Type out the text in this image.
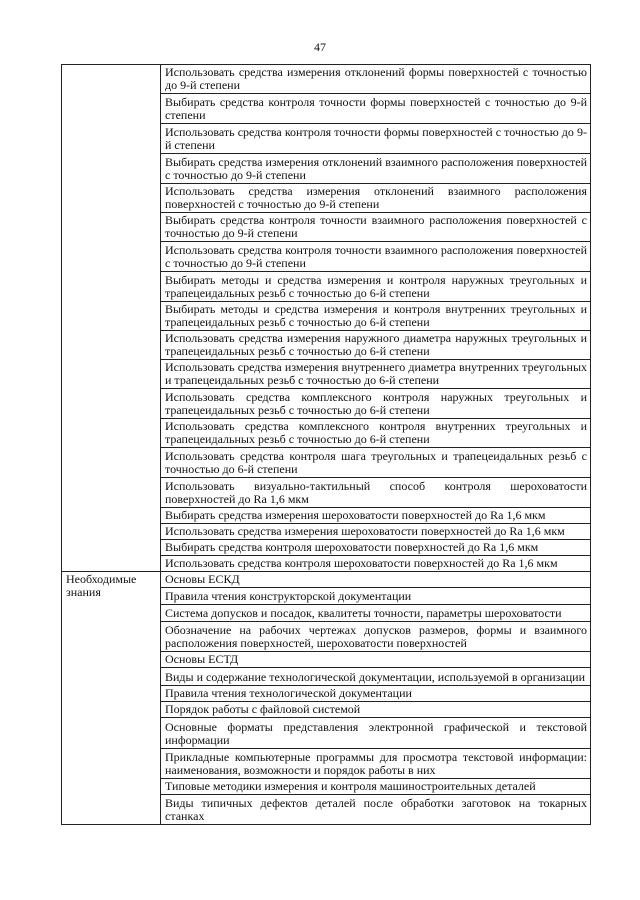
47
	Использовать средства измерения отклонений формы поверхностей с точностью до 9-й степени
	Выбирать средства контроля точности формы поверхностей с точностью до 9-й степени
	Использовать средства контроля точности формы поверхностей с точностью до 9-й степени
	Выбирать средства измерения отклонений взаимного расположения поверхностей с точностью до 9-й степени
	Использовать средства измерения отклонений взаимного расположения поверхностей с точностью до 9-й степени
	Выбирать средства контроля точности взаимного расположения поверхностей с точностью до 9-й степени
	Использовать средства контроля точности взаимного расположения поверхностей с точностью до 9-й степени
	Выбирать методы и средства измерения и контроля наружных треугольных и трапецеидальных резьб с точностью до 6-й степени
	Выбирать методы и средства измерения и контроля внутренних треугольных и трапецеидальных резьб с точностью до 6-й степени
	Использовать средства измерения наружного диаметра наружных треугольных и трапецеидальных резьб с точностью до 6-й степени
	Использовать средства измерения внутреннего диаметра внутренних треугольных и трапецеидальных резьб с точностью до 6-й степени
	Использовать средства комплексного контроля наружных треугольных и трапецеидальных резьб с точностью до 6-й степени
	Использовать средства комплексного контроля внутренних треугольных и трапецеидальных резьб с точностью до 6-й степени
	Использовать средства контроля шага треугольных и трапецеидальных резьб с точностью до 6-й степени
	Использовать визуально-тактильный способ контроля шероховатости поверхностей до Ra 1,6 мкм
	Выбирать средства измерения шероховатости поверхностей до Ra 1,6 мкм
	Использовать средства измерения шероховатости поверхностей до Ra 1,6 мкм
	Выбирать средства контроля шероховатости поверхностей до Ra 1,6 мкм
	Использовать средства контроля шероховатости поверхностей до Ra 1,6 мкм
Необходимые знания	Основы ЕСКД
	Правила чтения конструкторской документации
	Система допусков и посадок, квалитеты точности, параметры шероховатости
	Обозначение на рабочих чертежах допусков размеров, формы и взаимного расположения поверхностей, шероховатости поверхностей
	Основы ЕСТД
	Виды и содержание технологической документации, используемой в организации
	Правила чтения технологической документации
	Порядок работы с файловой системой
	Основные форматы представления электронной графической и текстовой информации
	Прикладные компьютерные программы для просмотра текстовой информации: наименования, возможности и порядок работы в них
	Типовые методики измерения и контроля машиностроительных деталей
	Виды типичных дефектов деталей после обработки заготовок на токарных станках
